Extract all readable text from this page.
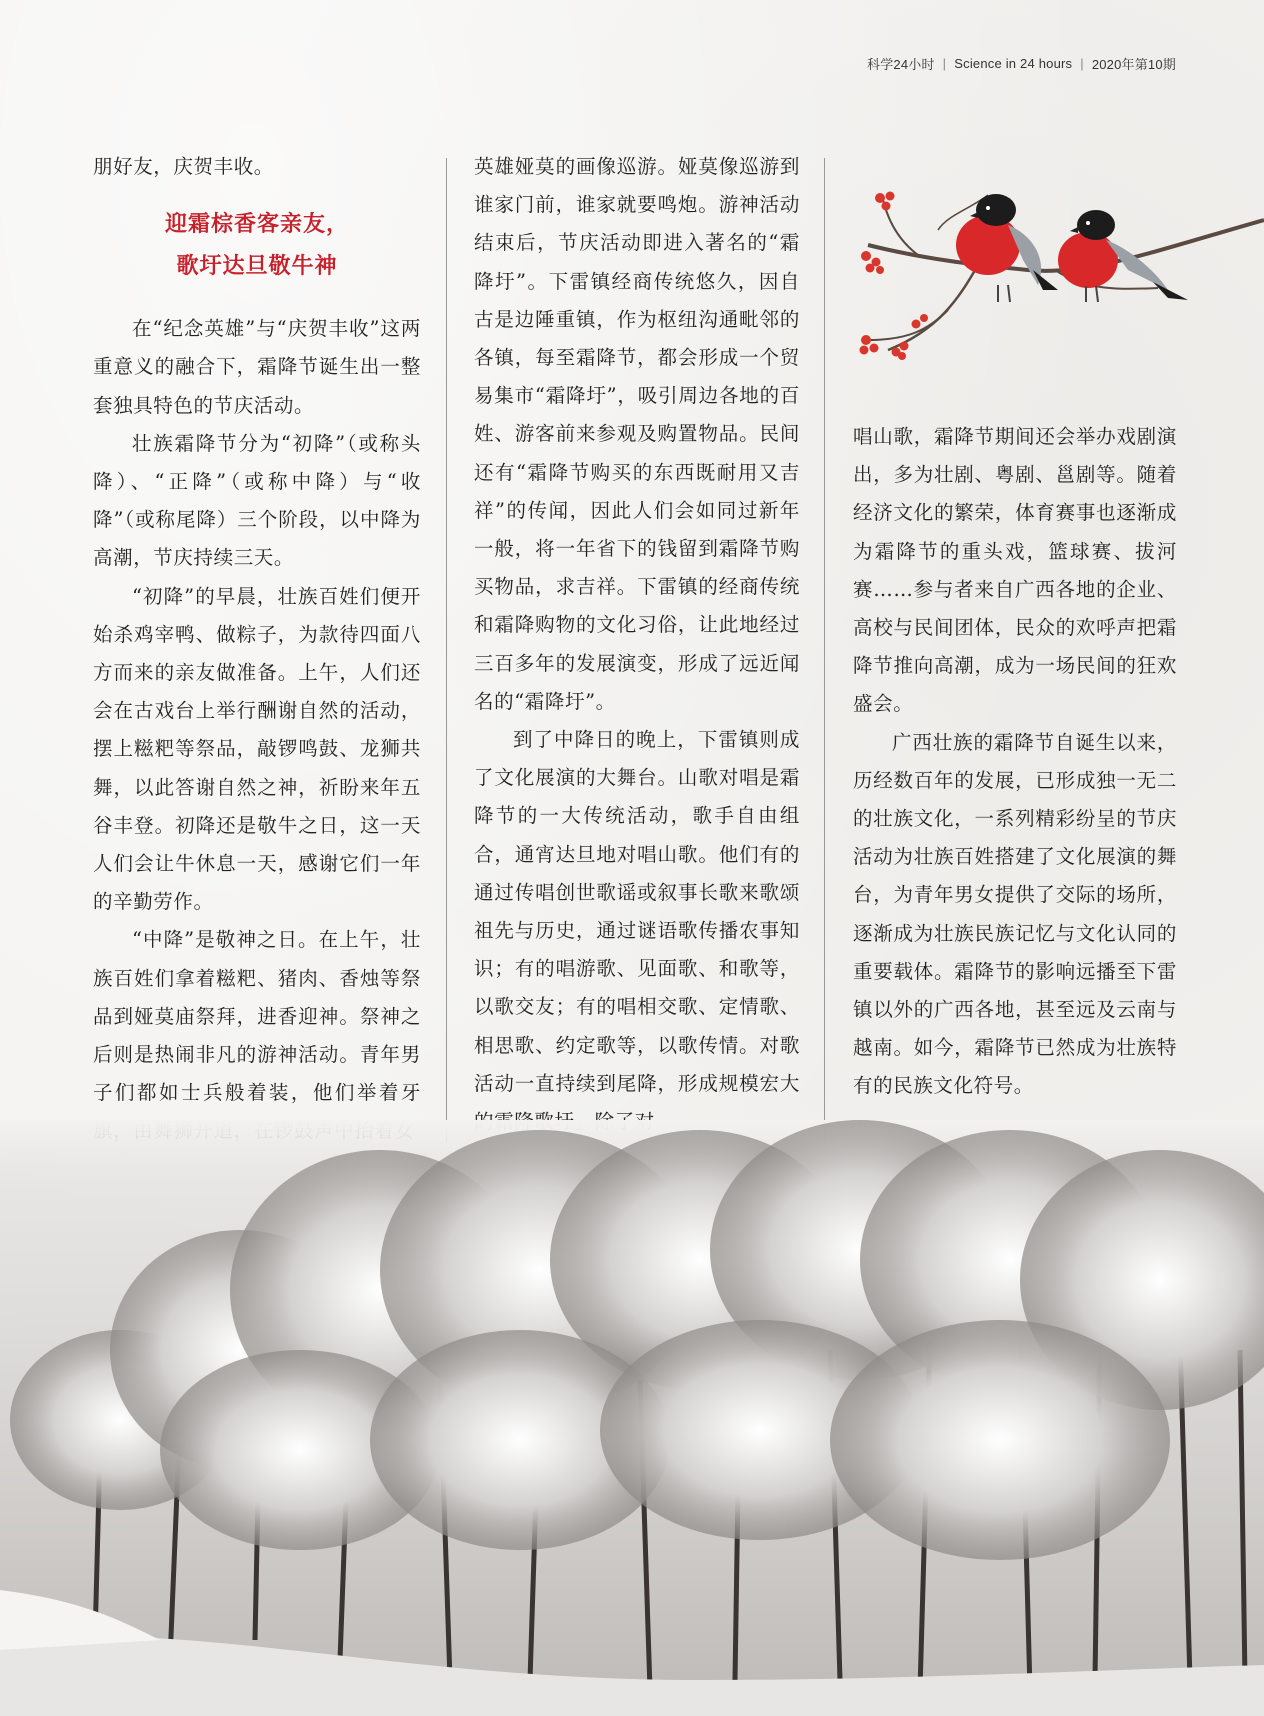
科学24小时 | Science in 24 hours | 2020年第10期

朋好友，庆贺丰收。

迎霜棕香客亲友，
歌圩达旦敬牛神

在“纪念英雄”与“庆贺丰收”这两重意义的融合下，霜降节诞生出一整套独具特色的节庆活动。

壮族霜降节分为“初降”（或称头降）、“正降”（或称中降）与“收降”（或称尾降）三个阶段，以中降为高潮，节庆持续三天。

“初降”的早晨，壮族百姓们便开始杀鸡宰鸭、做粽子，为款待四面八方而来的亲友做准备。上午，人们还会在古戏台上举行酬谢自然的活动，摆上糍粑等祭品，敲锣鸣鼓、龙狮共舞，以此答谢自然之神，祈盼来年五谷丰登。初降还是敬牛之日，这一天人们会让牛休息一天，感谢它们一年的辛勤劳作。

“中降”是敬神之日。在上午，壮族百姓们拿着糍粑、猪肉、香烛等祭品到娅莫庙祭拜，进香迎神。祭神之后则是热闹非凡的游神活动。青年男子们都如士兵般着装，他们举着牙

英雄娅莫的画像巡游。娅莫像巡游到谁家门前，谁家就要鸣炮。游神活动结束后，节庆活动即进入著名的“霜降圩”。下雷镇经商传统悠久，因自古是边陲重镇，作为枢纽沟通毗邻的各镇，每至霜降节，都会形成一个贸易集市“霜降圩”，吸引周边各地的百姓、游客前来参观及购置物品。民间还有“霜降节购买的东西既耐用又吉祥”的传闻，因此人们会如同过新年一般，将一年省下的钱留到霜降节购买物品，求吉祥。下雷镇的经商传统和霜降购物的文化习俗，让此地经过三百多年的发展演变，形成了远近闻名的“霜降圩”。

到了中降日的晚上，下雷镇则成了文化展演的大舞台。山歌对唱是霜降节的一大传统活动，歌手自由组合，通宵达旦地对唱山歌。他们有的通过传唱创世歌谣或叙事长歌来歌颂祖先与历史，通过谜语歌传播农事知识；有的唱游歌、见面歌、和歌等，以歌交友；有的唱相交歌、定情歌、相思歌、约定歌等，以歌传情。对歌活动一直持续到尾降，形成规模宏大

唱山歌，霜降节期间还会举办戏剧演出，多为壮剧、粤剧、邕剧等。随着经济文化的繁荣，体育赛事也逐渐成为霜降节的重头戏，篮球赛、拔河赛……参与者来自广西各地的企业、高校与民间团体，民众的欢呼声把霜降节推向高潮，成为一场民间的狂欢盛会。

广西壮族的霜降节自诞生以来，历经数百年的发展，已形成独一无二的壮族文化，一系列精彩纷呈的节庆活动为壮族百姓搭建了文化展演的舞台，为青年男女提供了交际的场所，逐渐成为壮族民族记忆与文化认同的重要载体。霜降节的影响远播至下雷镇以外的广西各地，甚至远及云南与越南。如今，霜降节已然成为壮族特有的民族文化符号。
